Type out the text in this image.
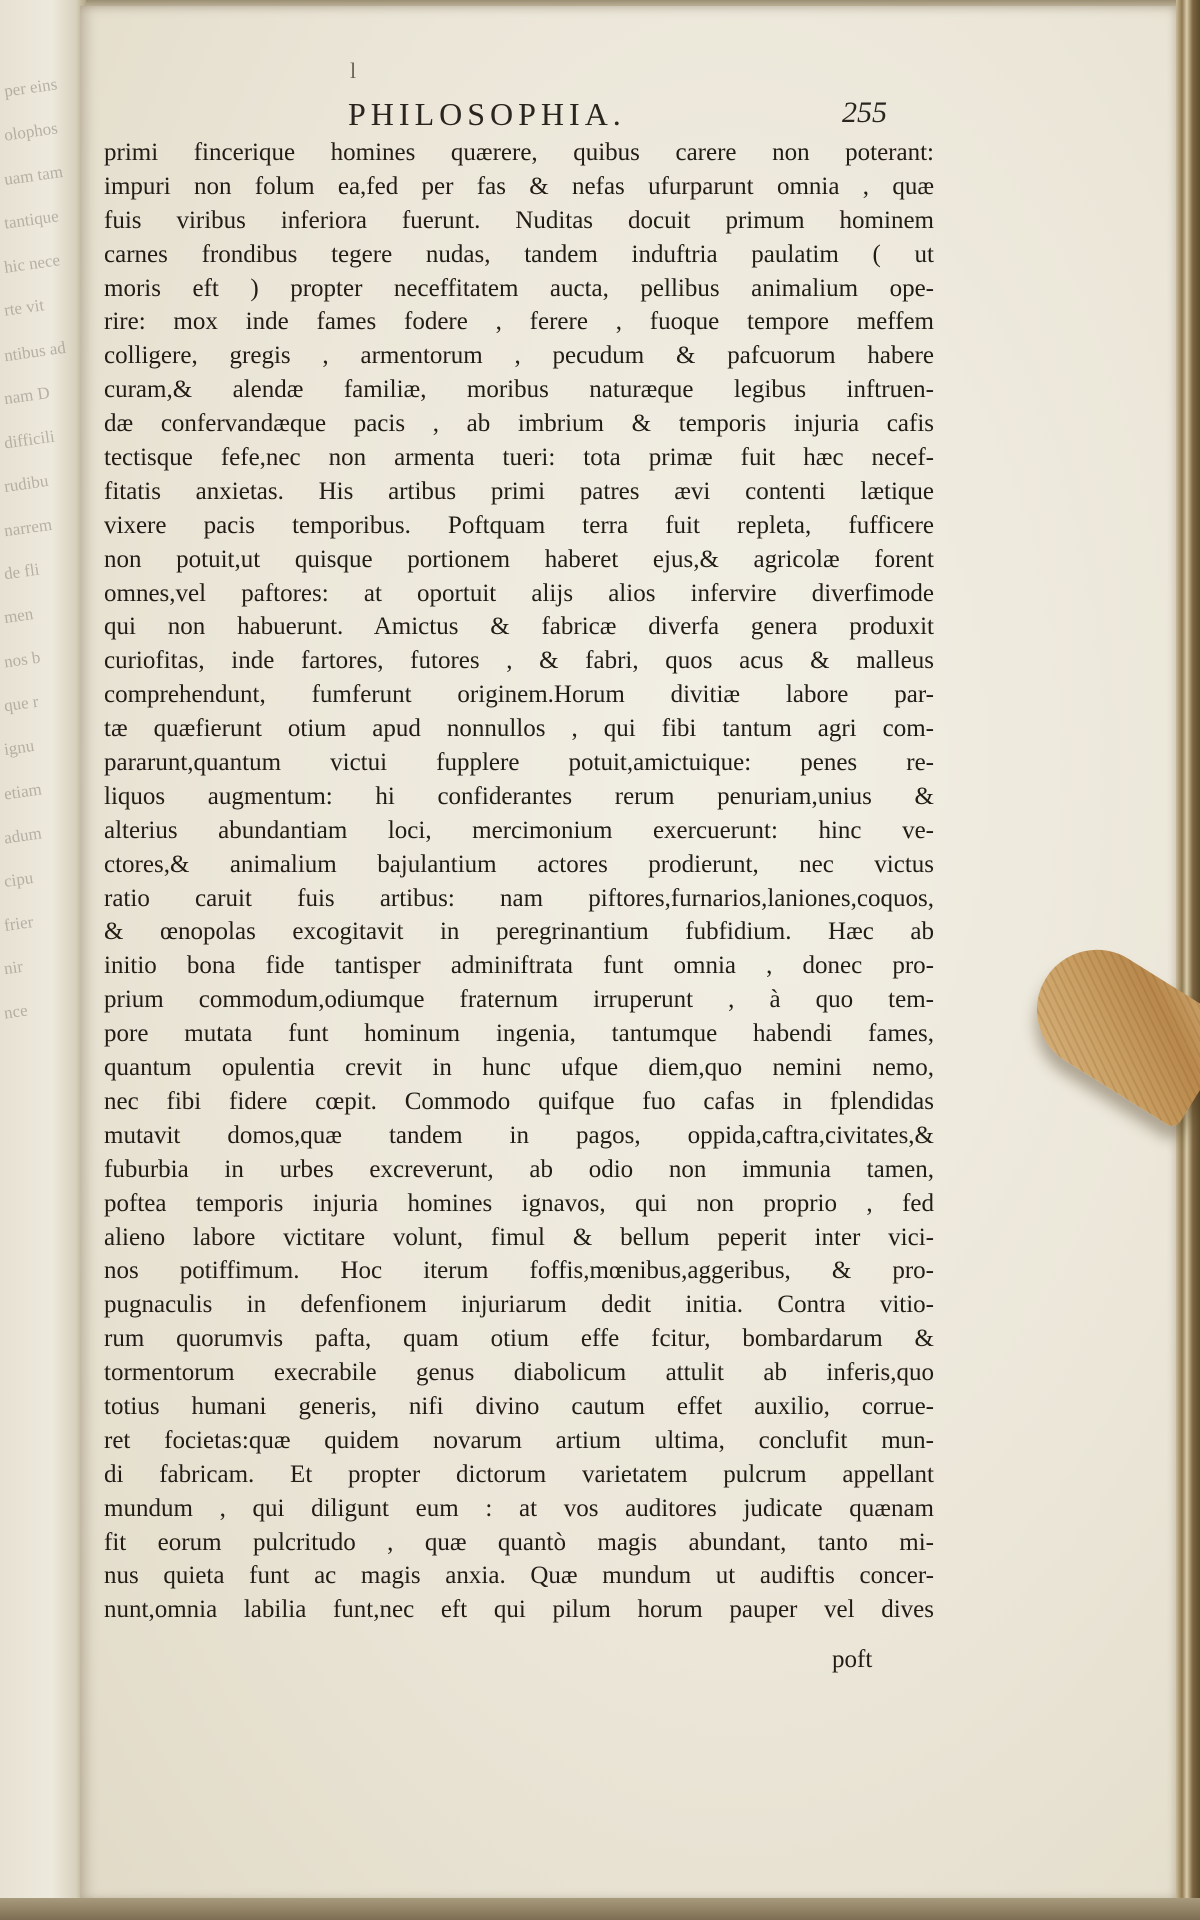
per eins
olophos
uam tam
tantique
hic nece
rte vit
ntibus ad
nam D
difficili
rudibu
narrem
de fli
men
nos b
que r
ignu
etiam
adum
cipu
frier
nir
nce
l
PHILOSOPHIA.	255
primi fincerique homines quærere, quibus carere non poterant:
impuri non folum ea,fed per fas & nefas ufurparunt omnia , quæ
fuis viribus inferiora fuerunt. Nuditas docuit primum hominem
carnes frondibus tegere nudas, tandem induftria paulatim ( ut
moris eft ) propter neceffitatem aucta, pellibus animalium ope-
rire: mox inde fames fodere , ferere , fuoque tempore meffem
colligere, gregis , armentorum , pecudum & pafcuorum habere
curam,& alendæ familiæ, moribus naturæque legibus inftruen-
dæ confervandæque pacis , ab imbrium & temporis injuria cafis
tectisque fefe,nec non armenta tueri: tota primæ fuit hæc necef-
fitatis anxietas. His artibus primi patres ævi contenti lætique
vixere pacis temporibus. Poftquam terra fuit repleta, fufficere
non potuit,ut quisque portionem haberet ejus,& agricolæ forent
omnes,vel paftores: at oportuit alijs alios infervire diverfimode
qui non habuerunt. Amictus & fabricæ diverfa genera produxit
curiofitas, inde fartores, futores , & fabri, quos acus & malleus
comprehendunt, fumferunt originem.Horum divitiæ labore par-
tæ quæfierunt otium apud nonnullos , qui fibi tantum agri com-
pararunt,quantum victui fupplere potuit,amictuique: penes re-
liquos augmentum: hi confiderantes rerum penuriam,unius &
alterius abundantiam loci, mercimonium exercuerunt: hinc ve-
ctores,& animalium bajulantium actores prodierunt, nec victus
ratio caruit fuis artibus: nam piftores,furnarios,laniones,coquos,
& œnopolas excogitavit in peregrinantium fubfidium. Hæc ab
initio bona fide tantisper adminiftrata funt omnia , donec pro-
prium commodum,odiumque fraternum irruperunt , à quo tem-
pore mutata funt hominum ingenia, tantumque habendi fames,
quantum opulentia crevit in hunc ufque diem,quo nemini nemo,
nec fibi fidere cœpit. Commodo quifque fuo cafas in fplendidas
mutavit domos,quæ tandem in pagos, oppida,caftra,civitates,&
fuburbia in urbes excreverunt, ab odio non immunia tamen,
poftea temporis injuria homines ignavos, qui non proprio , fed
alieno labore victitare volunt, fimul & bellum peperit inter vici-
nos potiffimum. Hoc iterum foffis,mœnibus,aggeribus, & pro-
pugnaculis in defenfionem injuriarum dedit initia. Contra vitio-
rum quorumvis pafta, quam otium effe fcitur, bombardarum &
tormentorum execrabile genus diabolicum attulit ab inferis,quo
totius humani generis, nifi divino cautum effet auxilio, corrue-
ret focietas:quæ quidem novarum artium ultima, conclufit mun-
di fabricam. Et propter dictorum varietatem pulcrum appellant
mundum , qui diligunt eum : at vos auditores judicate quænam
fit eorum pulcritudo , quæ quantò magis abundant, tanto mi-
nus quieta funt ac magis anxia. Quæ mundum ut audiftis concer-
nunt,omnia labilia funt,nec eft qui pilum horum pauper vel dives
poft
